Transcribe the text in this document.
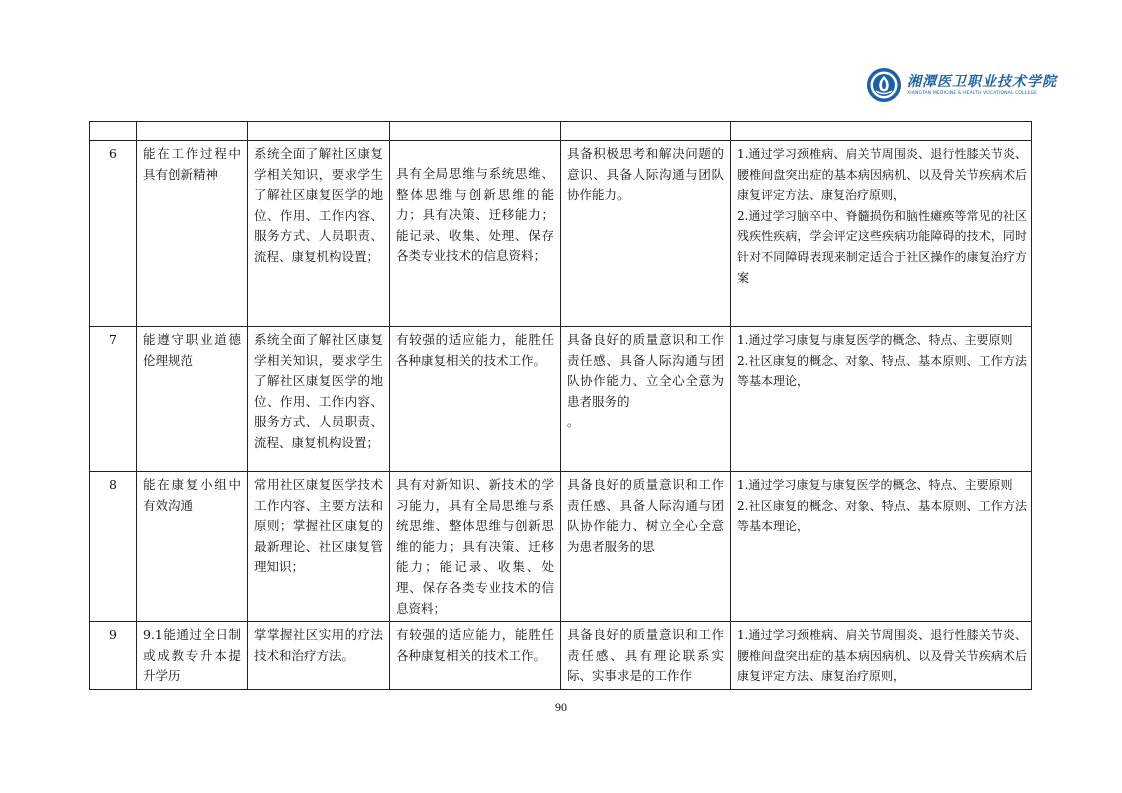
湘潭医卫职业技术学院
XIANGTAN MEDICINE & HEALTH VOCATIONAL COLLEGE

6	能在工作过程中具有创新精神	系统全面了解社区康复学相关知识，要求学生了解社区康复医学的地位、作用、工作内容、服务方式、人员职责、流程、康复机构设置；	具有全局思维与系统思维、整体思维与创新思维的能力；具有决策、迁移能力；能记录、收集、处理、保存各类专业技术的信息资料；	具备积极思考和解决问题的意识、具备人际沟通与团队协作能力。	1.通过学习颈椎病、肩关节周围炎、退行性膝关节炎、腰椎间盘突出症的基本病因病机、以及骨关节疾病术后康复评定方法、康复治疗原则，
2.通过学习脑卒中、脊髓损伤和脑性瘫痪等常见的社区残疾性疾病，学会评定这些疾病功能障碍的技术，同时针对不同障碍表现来制定适合于社区操作的康复治疗方案

7	能遵守职业道德伦理规范	系统全面了解社区康复学相关知识，要求学生了解社区康复医学的地位、作用、工作内容、服务方式、人员职责、流程、康复机构设置；	有较强的适应能力，能胜任各种康复相关的技术工作。	具备良好的质量意识和工作责任感、具备人际沟通与团队协作能力、立全心全意为患者服务的
。	1.通过学习康复与康复医学的概念、特点、主要原则
2.社区康复的概念、对象、特点、基本原则、工作方法等基本理论，

8	能在康复小组中有效沟通	常用社区康复医学技术工作内容、主要方法和原则；掌握社区康复的最新理论、社区康复管理知识；	具有对新知识、新技术的学习能力，具有全局思维与系统思维、整体思维与创新思维的能力；具有决策、迁移能力；能记录、收集、处理、保存各类专业技术的信息资料；	具备良好的质量意识和工作责任感、具备人际沟通与团队协作能力、树立全心全意为患者服务的思	1.通过学习康复与康复医学的概念、特点、主要原则
2.社区康复的概念、对象、特点、基本原则、工作方法等基本理论，

9	9.1能通过全日制或成教专升本提升学历	掌掌握社区实用的疗法技术和治疗方法。	有较强的适应能力，能胜任各种康复相关的技术工作。	具备良好的质量意识和工作责任感、具有理论联系实际、实事求是的工作作	1.通过学习颈椎病、肩关节周围炎、退行性膝关节炎、腰椎间盘突出症的基本病因病机、以及骨关节疾病术后康复评定方法、康复治疗原则，
90
